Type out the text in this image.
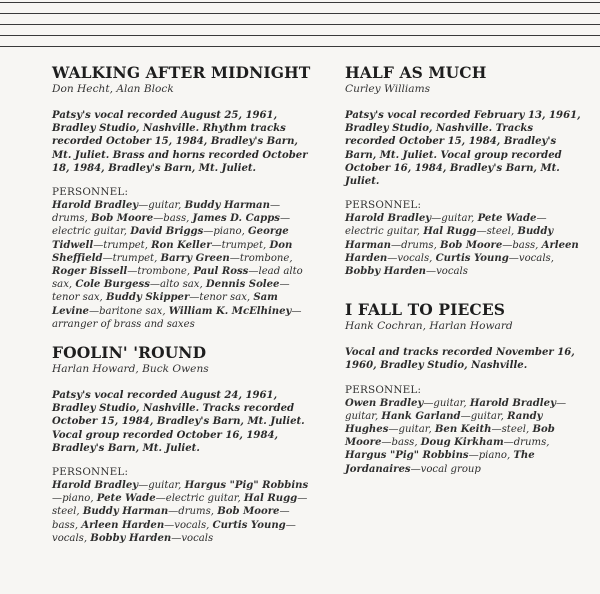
WALKING AFTER MIDNIGHT
Don Hecht, Alan Block
Patsy's vocal recorded August 25, 1961, Bradley Studio, Nashville. Rhythm tracks recorded October 15, 1984, Bradley's Barn, Mt. Juliet. Brass and horns recorded October 18, 1984, Bradley's Barn, Mt. Juliet.
PERSONNEL:
Harold Bradley—guitar, Buddy Harman—drums, Bob Moore—bass, James D. Capps—electric guitar, David Briggs—piano, George Tidwell—trumpet, Ron Keller—trumpet, Don Sheffield—trumpet, Barry Green—trombone, Roger Bissell—trombone, Paul Ross—lead alto sax, Cole Burgess—alto sax, Dennis Solee—tenor sax, Buddy Skipper—tenor sax, Sam Levine—baritone sax, William K. McElhiney—arranger of brass and saxes
FOOLIN' 'ROUND
Harlan Howard, Buck Owens
Patsy's vocal recorded August 24, 1961, Bradley Studio, Nashville. Tracks recorded October 15, 1984, Bradley's Barn, Mt. Juliet. Vocal group recorded October 16, 1984, Bradley's Barn, Mt. Juliet.
PERSONNEL:
Harold Bradley—guitar, Hargus "Pig" Robbins—piano, Pete Wade—electric guitar, Hal Rugg—steel, Buddy Harman—drums, Bob Moore—bass, Arleen Harden—vocals, Curtis Young—vocals, Bobby Harden—vocals
HALF AS MUCH
Curley Williams
Patsy's vocal recorded February 13, 1961, Bradley Studio, Nashville. Tracks recorded October 15, 1984, Bradley's Barn, Mt. Juliet. Vocal group recorded October 16, 1984, Bradley's Barn, Mt. Juliet.
PERSONNEL:
Harold Bradley—guitar, Pete Wade—electric guitar, Hal Rugg—steel, Buddy Harman—drums, Bob Moore—bass, Arleen Harden—vocals, Curtis Young—vocals, Bobby Harden—vocals
I FALL TO PIECES
Hank Cochran, Harlan Howard
Vocal and tracks recorded November 16, 1960, Bradley Studio, Nashville.
PERSONNEL:
Owen Bradley—guitar, Harold Bradley—guitar, Hank Garland—guitar, Randy Hughes—guitar, Ben Keith—steel, Bob Moore—bass, Doug Kirkham—drums, Hargus "Pig" Robbins—piano, The Jordanaires—vocal group
